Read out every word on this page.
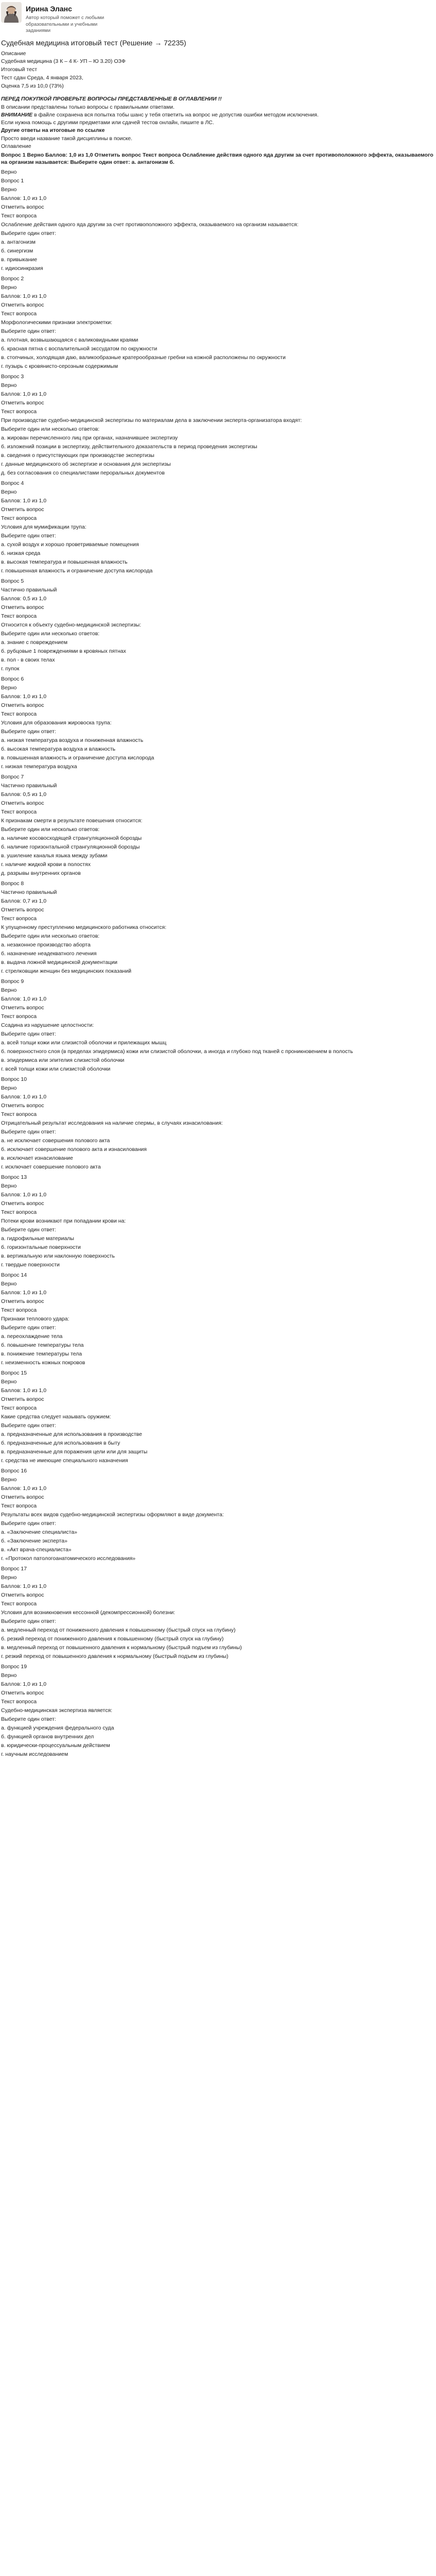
Ирина Эланс
Автор который поможет с любыми образовательными и учебными заданиями
Судебная медицина итоговый тест (Решение → 72235)

Описание

Судебная медицина (3 К – 4 К- УП – Ю 3.20) ОЗФ

Итоговый тест

Тест сдан Среда, 4 января 2023,

Оценка 7,5 из 10,0 (73%)

ПЕРЕД ПОКУПКОЙ ПРОВЕРЬТЕ ВОПРОСЫ ПРЕДСТАВЛЕННЫЕ В ОГЛАВЛЕНИИ !!

В описании представлены только вопросы с правильными ответами.

ВНИМАНИЕ в файле сохранена вся попытка тобы шанс у тебя ответить на вопрос не допустив ошибки методом исключения.

Если нужна помощь с другими предметами или сдачей тестов онлайн, пишите в ЛС.

Другие ответы на итоговые по ссылке

Просто введи название такой дисциплины в поиске.

Оглавление

Вопрос 1 Верно Баллов: 1,0 из 1,0 Отметить вопрос Текст вопроса Ослабление действия одного яда другим за счет противоположного эффекта, оказываемого на организм называется: Выберите один ответ: а. антагонизм б.

Верно

Вопрос 1

Верно

Баллов: 1,0 из 1,0

Отметить вопрос

Текст вопроса

Ослабление действия одного яда другим за счет противоположного эффекта, оказываемого на организм называется:

Выберите один ответ:

а. антагонизм

б. синергизм

в. привыкание

г. идиосинкразия

Вопрос 2

Верно

Баллов: 1,0 из 1,0

Отметить вопрос

Текст вопроса

Морфологическими признаки электрометки:

Выберите один ответ:

а. плотная, возвышающаяся с валиковидными краями

б. красная пятна с воспалительной экссудатом по окружности

в. стопчиных, холодящая даю, валикообразные кратерообразные гребни на кожной расположены по окружности

г. пузырь с кровянисто-серозным содержимым

Вопрос 3

Верно

Баллов: 1,0 из 1,0

Отметить вопрос

Текст вопроса

При производстве судебно-медицинской экспертизы по материалам дела в заключении эксперта-организатора входят:

Выберите один или несколько ответов:

а. жирован перечисленного лиц при органах, назначившее экспертизу

б. изложений позиции в экспертизу, действительного доказательств в период проведения экспертизы

в. сведения о присутствующих при производстве экспертизы

г. данные медицинского об экспертизе и основания для экспертизы

д. без согласования со специалистами пероральных документов

Вопрос 4

Верно

Баллов: 1,0 из 1,0

Отметить вопрос

Текст вопроса

Условия для мумификации трупа:

Выберите один ответ:

а. сухой воздух и хорошо проветриваемые помещения

б. низкая среда

в. высокая температура и повышенная влажность

г. повышенная влажность и ограничение доступа кислорода

Вопрос 5

Частично правильный

Баллов: 0,5 из 1,0

Отметить вопрос

Текст вопроса

Относится к объекту судебно-медицинской экспертизы:

Выберите один или несколько ответов:

а. знание с повреждением

б. рубцовые 1 повреждениями в кровяных пятнах

в. пол - в своих телах

г. пупок

Вопрос 6

Верно

Баллов: 1,0 из 1,0

Отметить вопрос

Текст вопроса

Условия для образования жировоска трупа:

Выберите один ответ:

а. низкая температура воздуха и пониженная влажность

б. высокая температура воздуха и влажность

в. повышенная влажность и ограничение доступа кислорода

г. низкая температура воздуха

Вопрос 7

Частично правильный

Баллов: 0,5 из 1,0

Отметить вопрос

Текст вопроса

К признакам смерти в результате повешения относится:

Выберите один или несколько ответов:

а. наличие косовосходящей странгуляционной борозды

б. наличие горизонтальной странгуляционной борозды

в. ушиление каналья языка между зубами

г. наличие жидкой крови в полостях

д. разрывы внутренних органов

Вопрос 8

Частично правильный

Баллов: 0,7 из 1,0

Отметить вопрос

Текст вопроса

К упущенному преступлению медицинского работника относится:

Выберите один или несколько ответов:

а. незаконное производство аборта

б. назначение неадекватного лечения

в. выдача ложной медицинской документации

г. стрелковщии женщин без медицинских показаний

Вопрос 9

Верно

Баллов: 1,0 из 1,0

Отметить вопрос

Текст вопроса

Ссадина из нарушение целостности:

Выберите один ответ:

а. всей толщи кожи или слизистой оболочки и прилежащих мышц

б. поверхностного слоя (в пределах эпидермиса) кожи или слизистой оболочки, а иногда и глубоко под тканей с проникновением в полость

в. эпидермиса или эпителия слизистой оболочки

г. всей толщи кожи или слизистой оболочки

Вопрос 10

Верно

Баллов: 1,0 из 1,0

Отметить вопрос

Текст вопроса

Отрицательный результат исследования на наличие спермы, в случаях изнасилования:

Выберите один ответ:

а. не исключает совершения полового акта

б. исключает совершение полового акта и изнасилования

в. исключает изнасилование

г. исключает совершение полового акта

Вопрос 13

Верно

Баллов: 1,0 из 1,0

Отметить вопрос

Текст вопроса

Потеки крови возникают при попадании крови на:

Выберите один ответ:

а. гидрофильные материалы

б. горизонтальные поверхности

в. вертикальную или наклонную поверхность

г. твердые поверхности

Вопрос 14

Верно

Баллов: 1,0 из 1,0

Отметить вопрос

Текст вопроса

Признаки теплового удара:

Выберите один ответ:

а. переохлаждение тела

б. повышение температуры тела

в. понижение температуры тела

г. неизменность кожных покровов

Вопрос 15

Верно

Баллов: 1,0 из 1,0

Отметить вопрос

Текст вопроса

Какие средства следует называть оружием:

Выберите один ответ:

а. предназначенные для использования в производстве

б. предназначенные для использования в быту

в. предназначенные для поражения цели или для защиты

г. средства не имеющие специального назначения

Вопрос 16

Верно

Баллов: 1,0 из 1,0

Отметить вопрос

Текст вопроса

Результаты всех видов судебно-медицинской экспертизы оформляют в виде документа:

Выберите один ответ:

а. «Заключение специалиста»

б. «Заключение эксперта»

в. «Акт врача-специалиста»

г. «Протокол патологоанатомического исследования»

Вопрос 17

Верно

Баллов: 1,0 из 1,0

Отметить вопрос

Текст вопроса

Условия для возникновения кессонной (декомпрессионной) болезни:

Выберите один ответ:

а. медленный переход от пониженного давления к повышенному (быстрый спуск на глубину)

б. резкий переход от пониженного давления к повышенному (быстрый спуск на глубину)

в. медленный переход от повышенного давления к нормальному (быстрый подъем из глубины)

г. резкий переход от повышенного давления к нормальному (быстрый подъем из глубины)

Вопрос 19

Верно

Баллов: 1,0 из 1,0

Отметить вопрос

Текст вопроса

Судебно-медицинская экспертиза является:

Выберите один ответ:

а. функцией учреждения федерального суда

б. функцией органов внутренних дел

в. юридически-процессуальным действием

г. научным исследованием
